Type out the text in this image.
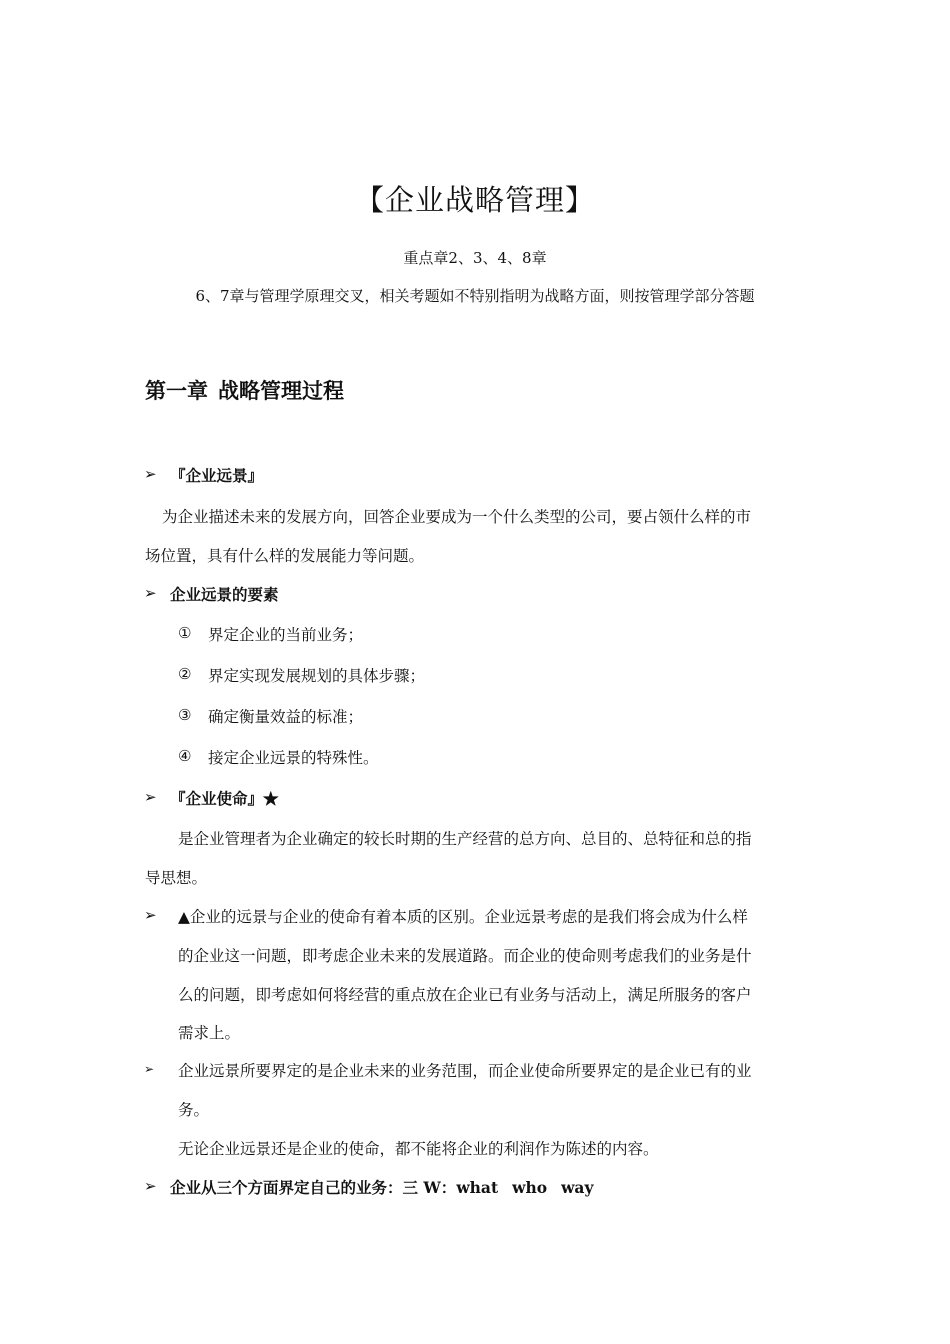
【企业战略管理】
重点章2、3、4、8章
6、7章与管理学原理交叉，相关考题如不特别指明为战略方面，则按管理学部分答题
第一章 战略管理过程
➢ 『企业远景』
为企业描述未来的发展方向，回答企业要成为一个什么类型的公司，要占领什么样的市
场位置，具有什么样的发展能力等问题。
➢ 企业远景的要素
① 界定企业的当前业务；
② 界定实现发展规划的具体步骤；
③ 确定衡量效益的标准；
④ 接定企业远景的特殊性。
➢ 『企业使命』★
是企业管理者为企业确定的较长时期的生产经营的总方向、总目的、总特征和总的指
导思想。
➢ ▲企业的远景与企业的使命有着本质的区别。企业远景考虑的是我们将会成为什么样
的企业这一问题，即考虑企业未来的发展道路。而企业的使命则考虑我们的业务是什
么的问题，即考虑如何将经营的重点放在企业已有业务与活动上，满足所服务的客户
需求上。
➢ 企业远景所要界定的是企业未来的业务范围，而企业使命所要界定的是企业已有的业
务。
无论企业远景还是企业的使命，都不能将企业的利润作为陈述的内容。
➢ 企业从三个方面界定自己的业务：三 W：what who way
